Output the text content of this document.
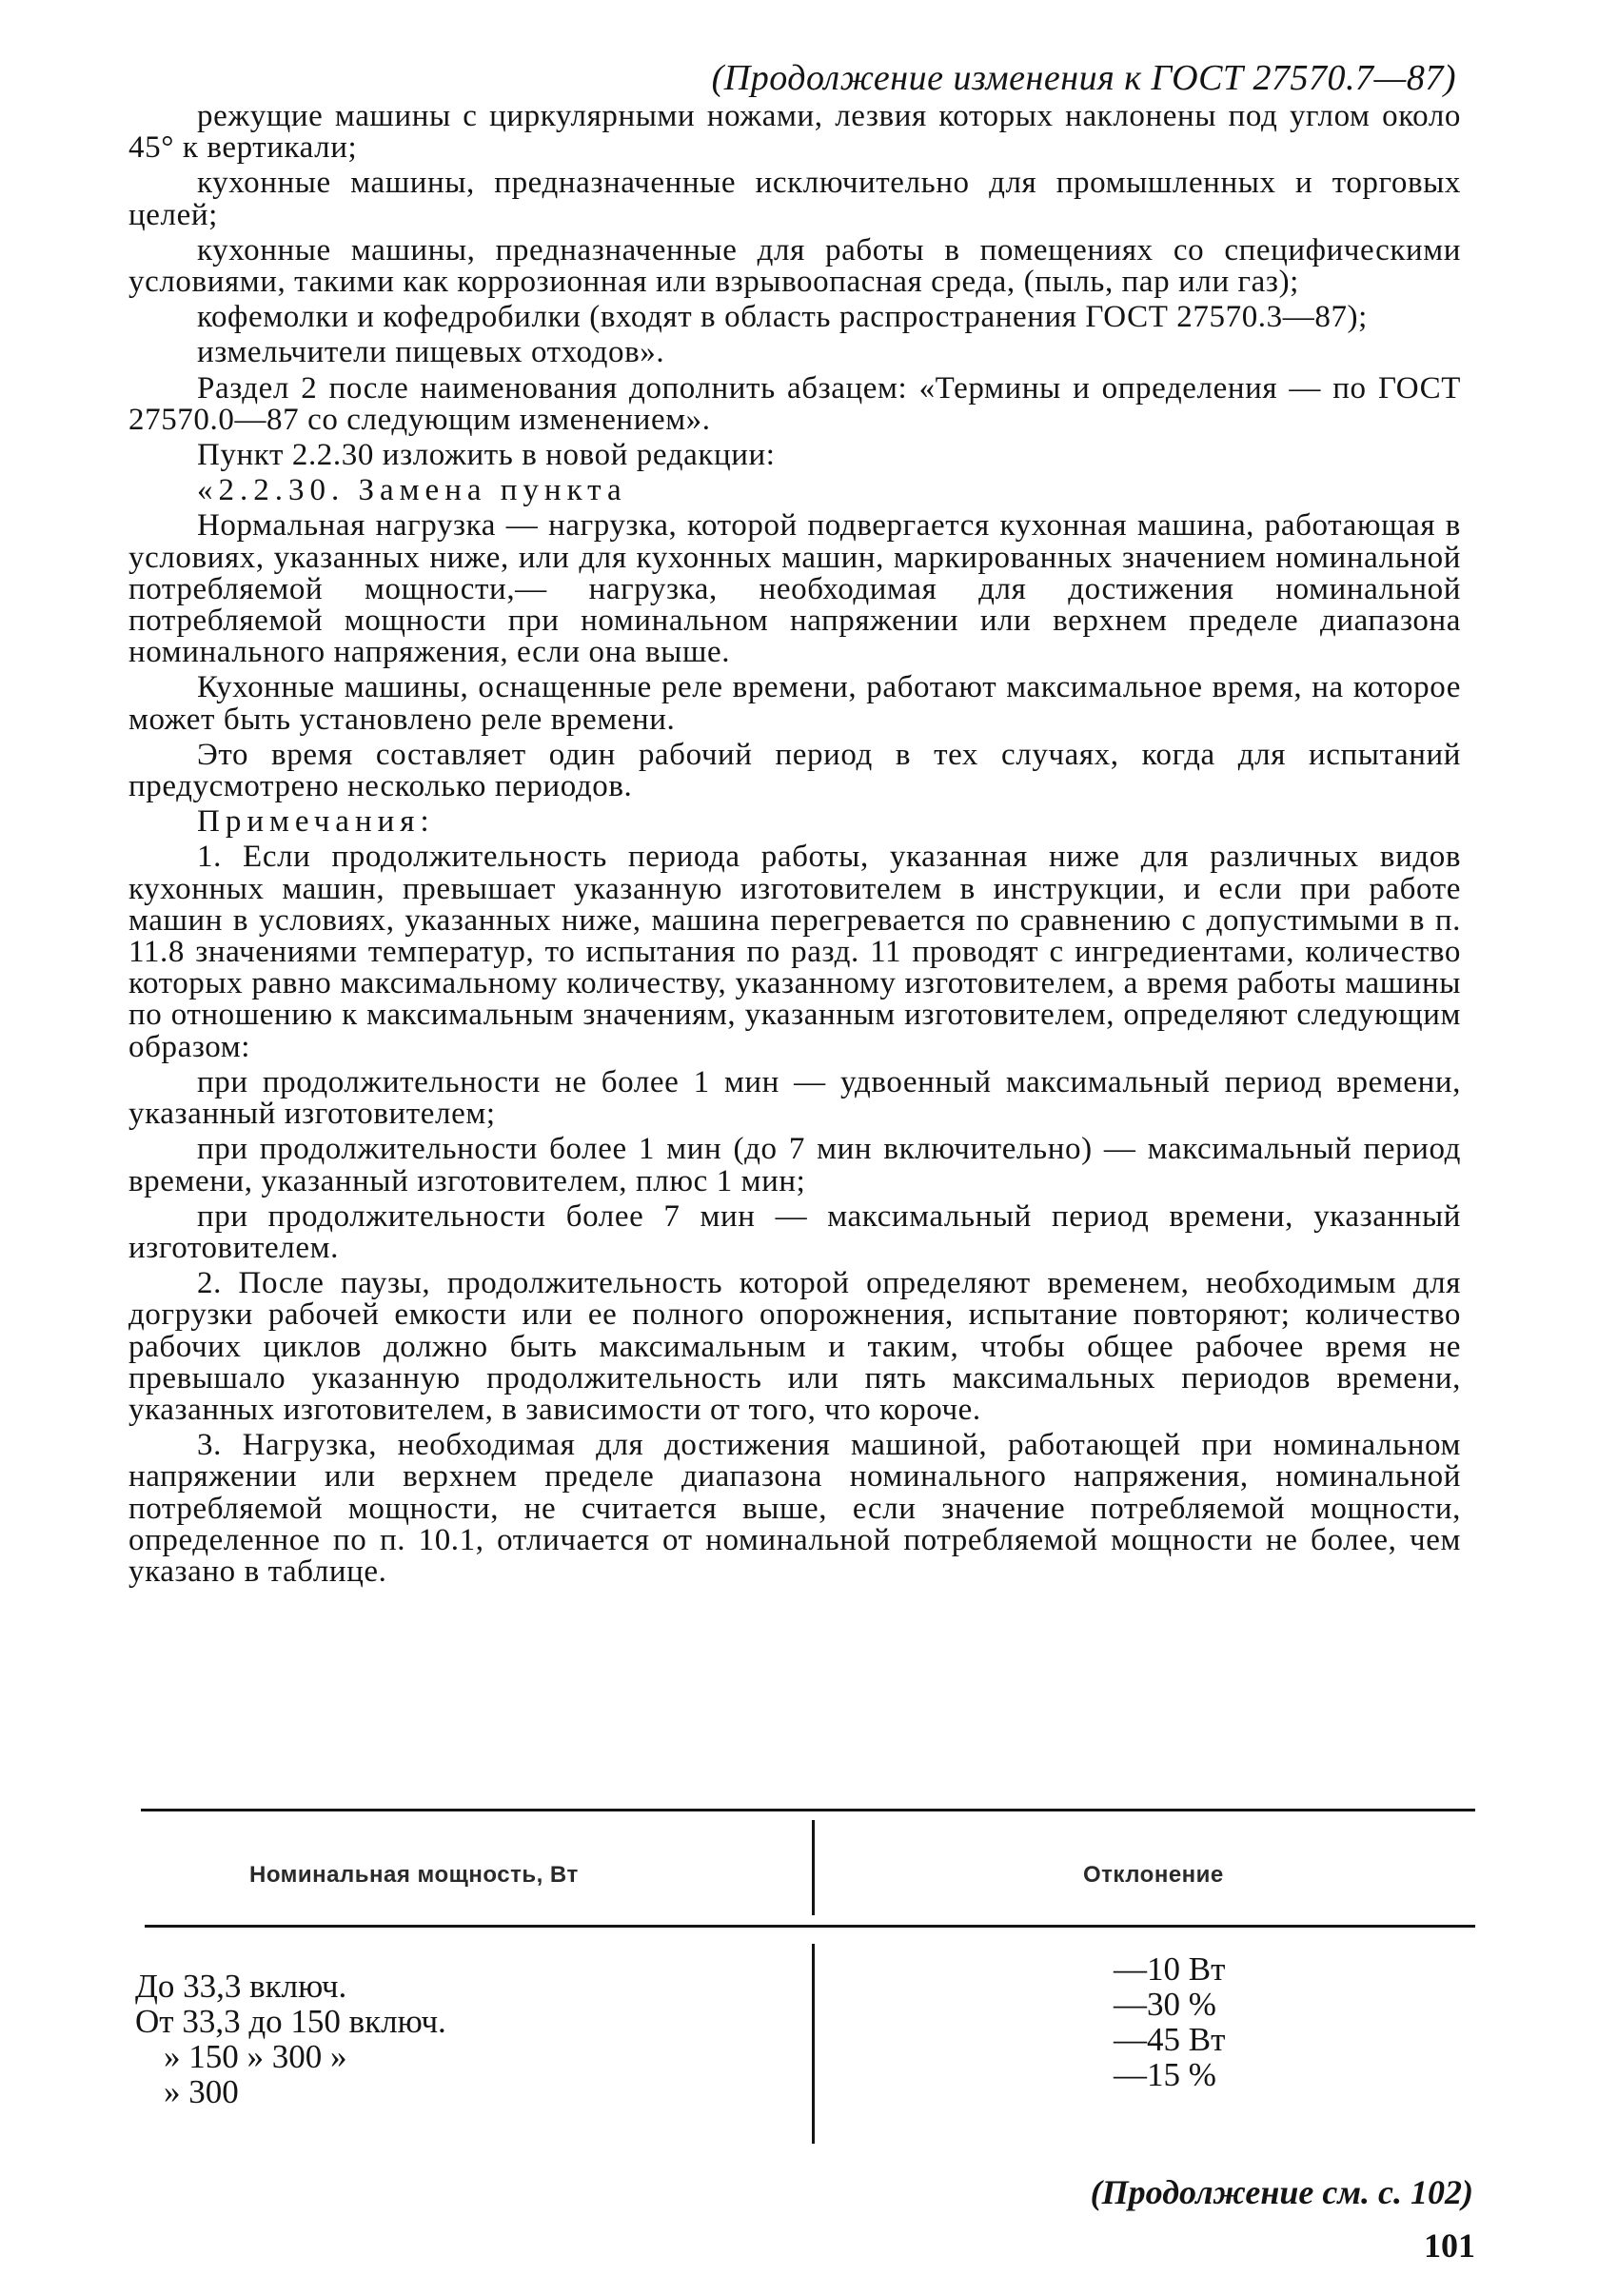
(Продолжение изменения к ГОСТ 27570.7—87)

режущие машины с циркулярными ножами, лезвия которых наклонены под углом около 45° к вертикали;

кухонные машины, предназначенные исключительно для промышленных и торговых целей;

кухонные машины, предназначенные для работы в помещениях со специфическими условиями, такими как коррозионная или взрывоопасная среда, (пыль, пар или газ);

кофемолки и кофедробилки (входят в область распространения ГОСТ 27570.3—87);

измельчители пищевых отходов».

Раздел 2 после наименования дополнить абзацем: «Термины и определения — по ГОСТ 27570.0—87 со следующим изменением».

Пункт 2.2.30 изложить в новой редакции:

«2.2.30. Замена пункта

Нормальная нагрузка — нагрузка, которой подвергается кухонная машина, работающая в условиях, указанных ниже, или для кухонных машин, маркированных значением номинальной потребляемой мощности,— нагрузка, необходимая для достижения номинальной потребляемой мощности при номинальном напряжении или верхнем пределе диапазона номинального напряжения, если она выше.

Кухонные машины, оснащенные реле времени, работают максимальное время, на которое может быть установлено реле времени.

Это время составляет один рабочий период в тех случаях, когда для испытаний предусмотрено несколько периодов.

Примечания:

1. Если продолжительность периода работы, указанная ниже для различных видов кухонных машин, превышает указанную изготовителем в инструкции, и если при работе машин в условиях, указанных ниже, машина перегревается по сравнению с допустимыми в п. 11.8 значениями температур, то испытания по разд. 11 проводят с ингредиентами, количество которых равно максимальному количеству, указанному изготовителем, а время работы машины по отношению к максимальным значениям, указанным изготовителем, определяют следующим образом:

при продолжительности не более 1 мин — удвоенный максимальный период времени, указанный изготовителем;

при продолжительности более 1 мин (до 7 мин включительно) — максимальный период времени, указанный изготовителем, плюс 1 мин;

при продолжительности более 7 мин — максимальный период времени, указанный изготовителем.

2. После паузы, продолжительность которой определяют временем, необходимым для догрузки рабочей емкости или ее полного опорожнения, испытание повторяют; количество рабочих циклов должно быть максимальным и таким, чтобы общее рабочее время не превышало указанную продолжительность или пять максимальных периодов времени, указанных изготовителем, в зависимости от того, что короче.

3. Нагрузка, необходимая для достижения машиной, работающей при номинальном напряжении или верхнем пределе диапазона номинального напряжения, номинальной потребляемой мощности, не считается выше, если значение потребляемой мощности, определенное по п. 10.1, отличается от номинальной потребляемой мощности не более, чем указано в таблице.

Номинальная мощность, Вт	Отклонение
До 33,3 включ.
От 33,3 до 150 включ.
» 150 » 300 »
» 300
—10 Вт
—30 %
—45 Вт
—15 %
(Продолжение см. с. 102)
101
